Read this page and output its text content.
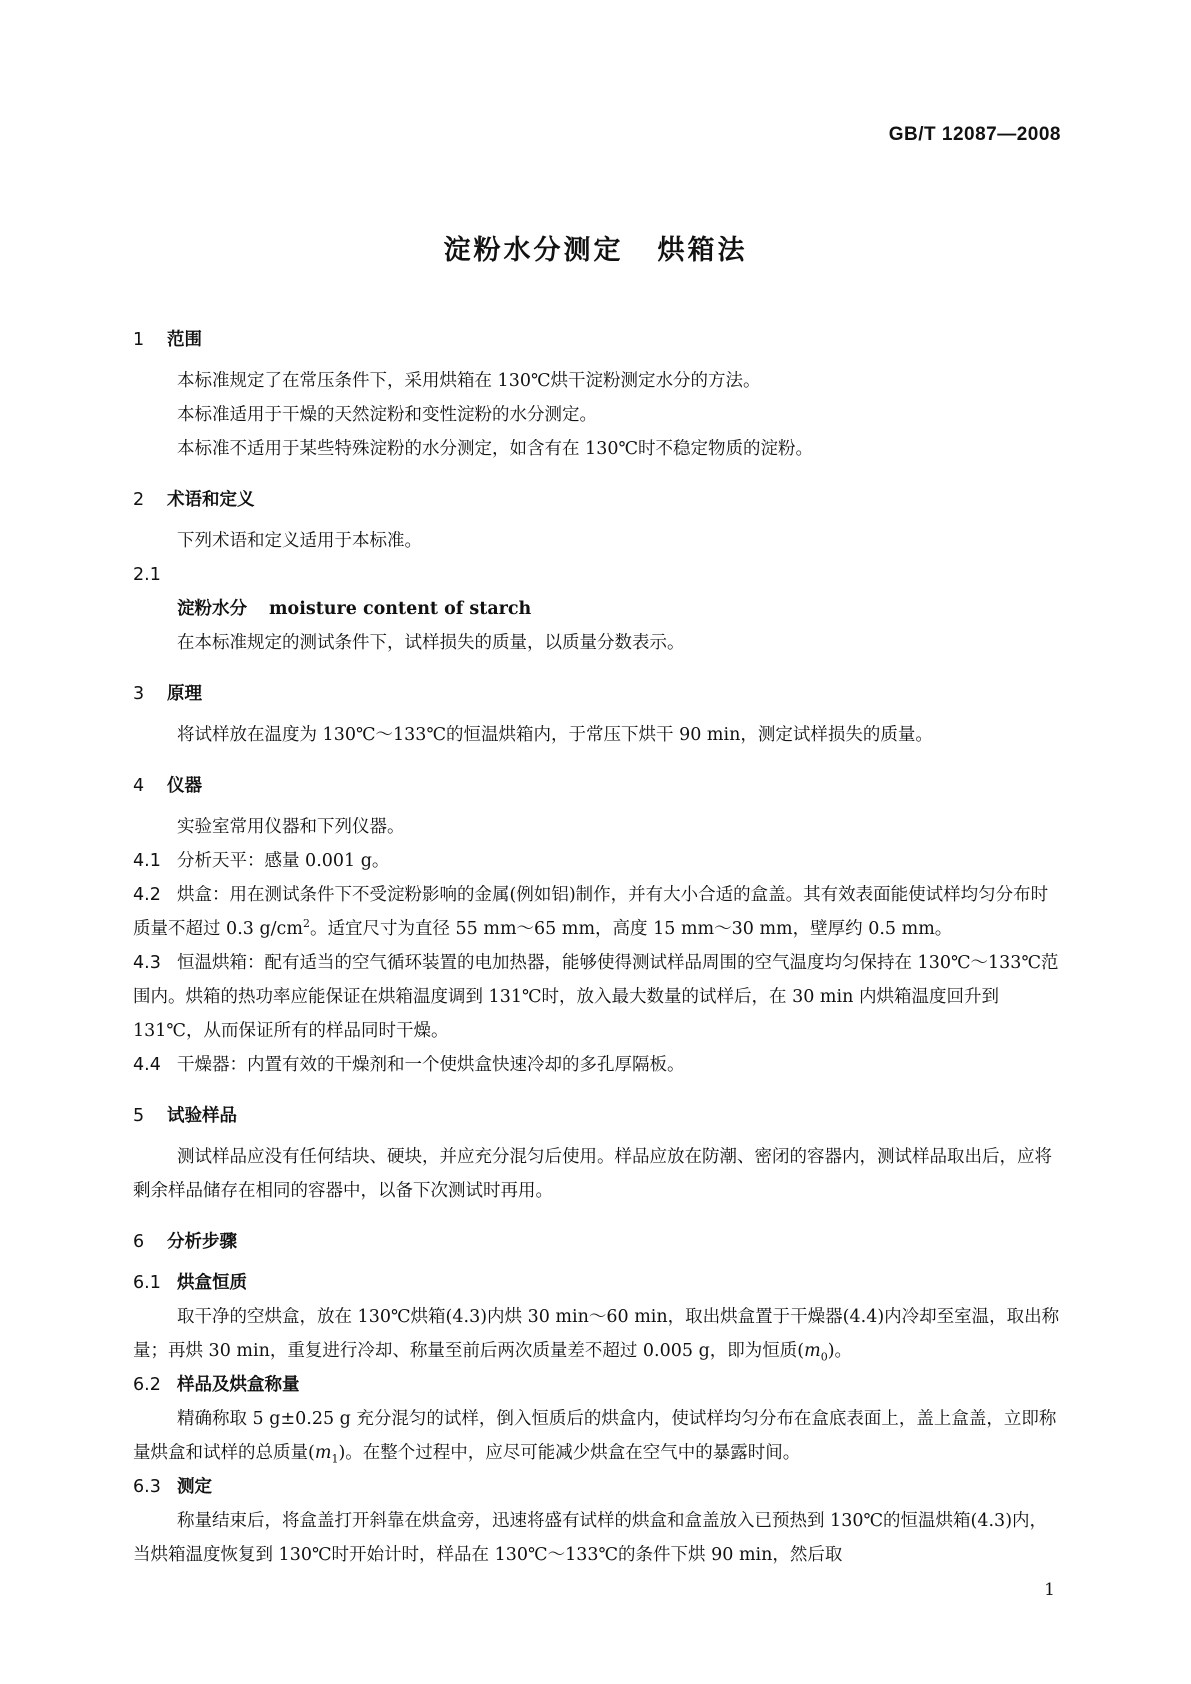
GB/T 12087—2008
淀粉水分测定 烘箱法
1 范围
本标准规定了在常压条件下，采用烘箱在 130℃烘干淀粉测定水分的方法。
本标准适用于干燥的天然淀粉和变性淀粉的水分测定。
本标准不适用于某些特殊淀粉的水分测定，如含有在 130℃时不稳定物质的淀粉。
2 术语和定义
下列术语和定义适用于本标准。
2.1
淀粉水分 moisture content of starch
在本标准规定的测试条件下，试样损失的质量，以质量分数表示。
3 原理
将试样放在温度为 130℃～133℃的恒温烘箱内，于常压下烘干 90 min，测定试样损失的质量。
4 仪器
实验室常用仪器和下列仪器。
4.1 分析天平：感量 0.001 g。
4.2 烘盒：用在测试条件下不受淀粉影响的金属(例如铝)制作，并有大小合适的盒盖。其有效表面能使试样均匀分布时质量不超过 0.3 $g/cm^2$。适宜尺寸为直径 55 mm～65 mm，高度 15 mm～30 mm，壁厚约 0.5 mm。
4.3 恒温烘箱：配有适当的空气循环装置的电加热器，能够使得测试样品周围的空气温度均匀保持在 130℃～133℃范围内。烘箱的热功率应能保证在烘箱温度调到 131℃时，放入最大数量的试样后，在 30 min 内烘箱温度回升到 131℃，从而保证所有的样品同时干燥。
4.4 干燥器：内置有效的干燥剂和一个使烘盒快速冷却的多孔厚隔板。
5 试验样品
测试样品应没有任何结块、硬块，并应充分混匀后使用。样品应放在防潮、密闭的容器内，测试样品取出后，应将剩余样品储存在相同的容器中，以备下次测试时再用。
6 分析步骤
6.1 烘盒恒质
取干净的空烘盒，放在 130℃烘箱(4.3)内烘 30 min～60 min，取出烘盒置于干燥器(4.4)内冷却至室温，取出称量；再烘 30 min，重复进行冷却、称量至前后两次质量差不超过 0.005 g，即为恒质$(m_0)$。
6.2 样品及烘盒称量
精确称取 5 g±0.25 g 充分混匀的试样，倒入恒质后的烘盒内，使试样均匀分布在盒底表面上，盖上盒盖，立即称量烘盒和试样的总质量$(m_1)$。在整个过程中，应尽可能减少烘盒在空气中的暴露时间。
6.3 测定
称量结束后，将盒盖打开斜靠在烘盒旁，迅速将盛有试样的烘盒和盒盖放入已预热到 130℃的恒温烘箱(4.3)内，当烘箱温度恢复到 130℃时开始计时，样品在 130℃～133℃的条件下烘 90 min，然后取
1
